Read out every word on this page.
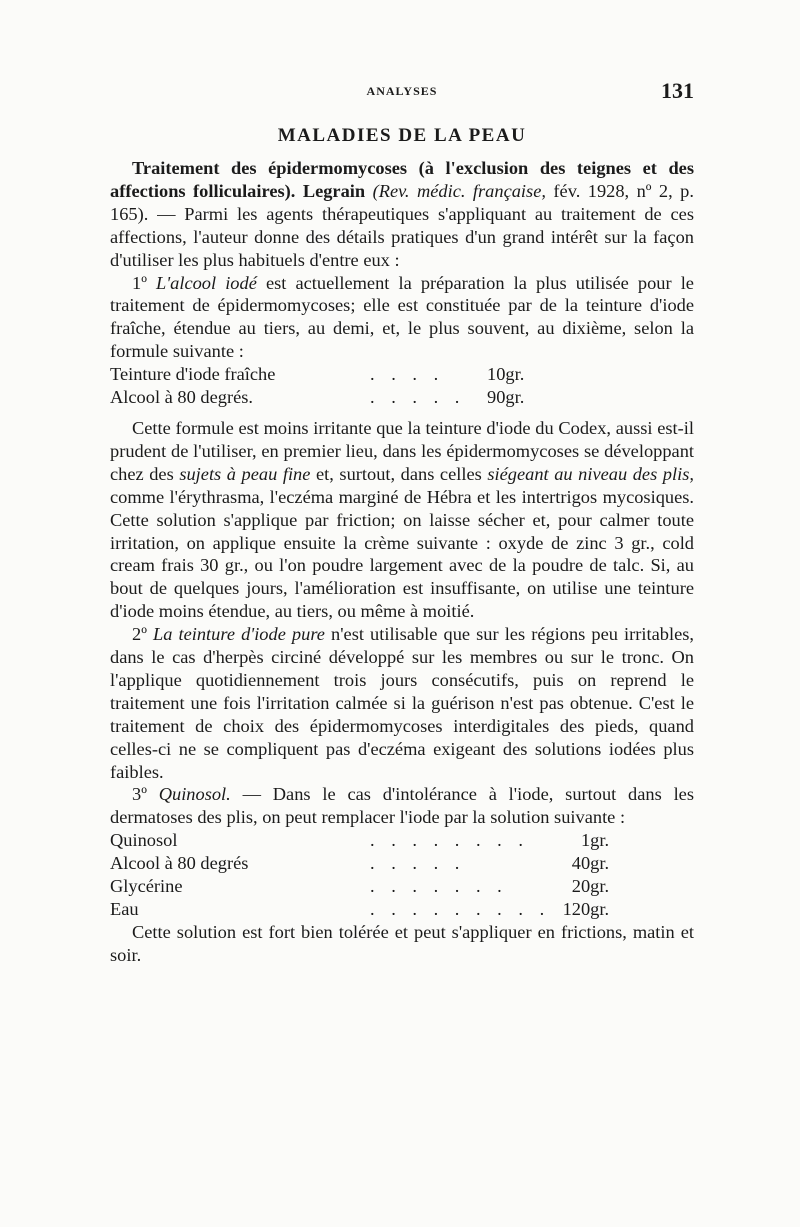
ANALYSES	131
MALADIES DE LA PEAU

Traitement des épidermomycoses (à l'exclusion des teignes et des affections folliculaires). Legrain (Rev. médic. française, fév. 1928, nº 2, p. 165). — Parmi les agents thérapeutiques s'appliquant au traitement de ces affections, l'auteur donne des détails pratiques d'un grand intérêt sur la façon d'utiliser les plus habituels d'entre eux :

1º L'alcool iodé est actuellement la préparation la plus utilisée pour le traitement de épidermomycoses; elle est constituée par de la teinture d'iode fraîche, étendue au tiers, au demi, et, le plus souvent, au dixième, selon la formule suivante :

Teinture d'iode fraîche	. . . .	10	gr.
Alcool à 80 degrés.	. . . . .	90	gr.

Cette formule est moins irritante que la teinture d'iode du Codex, aussi est-il prudent de l'utiliser, en premier lieu, dans les épidermomycoses se développant chez des sujets à peau fine et, surtout, dans celles siégeant au niveau des plis, comme l'érythrasma, l'eczéma marginé de Hébra et les intertrigos mycosiques. Cette solution s'applique par friction; on laisse sécher et, pour calmer toute irritation, on applique ensuite la crème suivante : oxyde de zinc 3 gr., cold cream frais 30 gr., ou l'on poudre largement avec de la poudre de talc. Si, au bout de quelques jours, l'amélioration est insuffisante, on utilise une teinture d'iode moins étendue, au tiers, ou même à moitié.

2º La teinture d'iode pure n'est utilisable que sur les régions peu irritables, dans le cas d'herpès circiné développé sur les membres ou sur le tronc. On l'applique quotidiennement trois jours consécutifs, puis on reprend le traitement une fois l'irritation calmée si la guérison n'est pas obtenue. C'est le traitement de choix des épidermomycoses interdigitales des pieds, quand celles-ci ne se compliquent pas d'eczéma exigeant des solutions iodées plus faibles.

3º Quinosol. — Dans le cas d'intolérance à l'iode, surtout dans les dermatoses des plis, on peut remplacer l'iode par la solution suivante :

Quinosol	. . . . . . . .	1	gr.
Alcool à 80 degrés	. . . . .	40	gr.
Glycérine	. . . . . . .	20	gr.
Eau	. . . . . . . . .	120	gr.

Cette solution est fort bien tolérée et peut s'appliquer en frictions, matin et soir.
